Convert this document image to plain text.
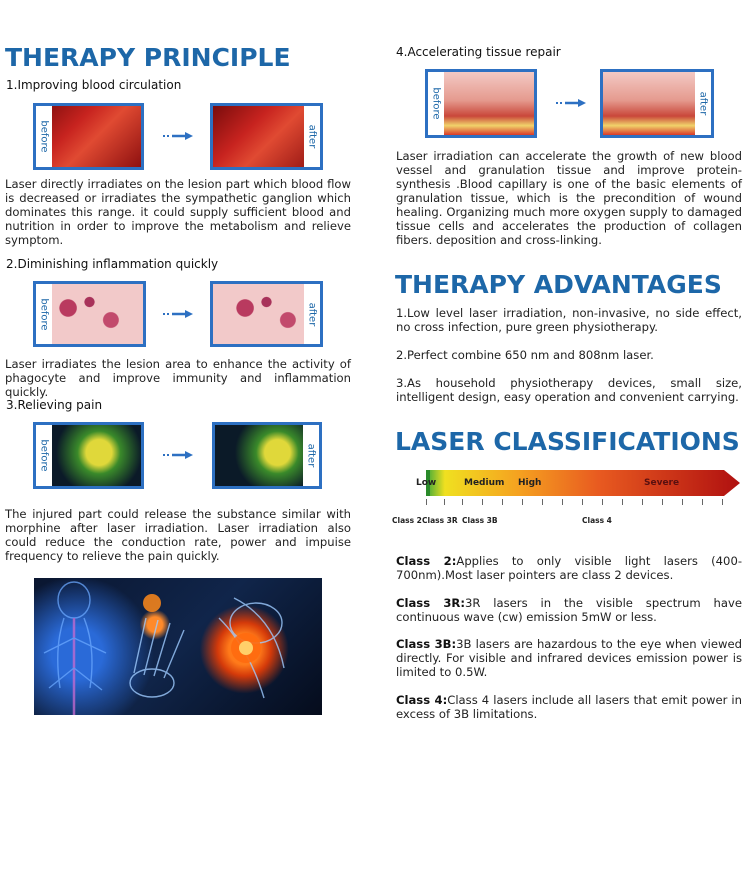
THERAPY PRINCIPLE
1.Improving blood circulation
before	after
Laser directly irradiates on the lesion part which blood flow is decreased or irradiates the sympathetic ganglion which dominates this range. it could supply sufficient blood and nutrition in order to improve the metabolism and relieve symptom.
2.Diminishing inflammation quickly
before	after
Laser irradiates the lesion area to enhance the activity of phagocyte and improve immunity and inflammation quickly.
3.Relieving pain
before	after
The injured part could release the substance similar with morphine after laser irradiation. Laser irradiation also could reduce the conduction rate, power and impuise frequency to relieve the pain quickly.
4.Accelerating tissue repair
before	after
Laser irradiation can accelerate the growth of new blood vessel and granulation tissue and improve protein-synthesis .Blood capillary is one of the basic elements of granulation tissue, which is the precondition of wound healing. Organizing much more oxygen supply to damaged tissue cells and accelerates the production of collagen fibers. deposition and cross-linking.
THERAPY ADVANTAGES
1.Low level laser irradiation, non-invasive, no side effect, no cross infection, pure green physiotherapy.
2.Perfect combine 650 nm and 808nm laser.
3.As household physiotherapy devices, small size, intelligent design, easy operation and convenient carrying.
LASER CLASSIFICATIONS
Low	Medium High	Severe
Class 2 Class 3R Class 3B	Class 4
Class 2:Applies to only visible light lasers (400-700nm).Most laser pointers are class 2 devices.
Class 3R:3R lasers in the visible spectrum have continuous wave (cw) emission 5mW or less.
Class 3B:3B lasers are hazardous to the eye when viewed directly. For visible and infrared devices emission power is limited to 0.5W.
Class 4:Class 4 lasers include all lasers that emit power in excess of 3B limitations.
